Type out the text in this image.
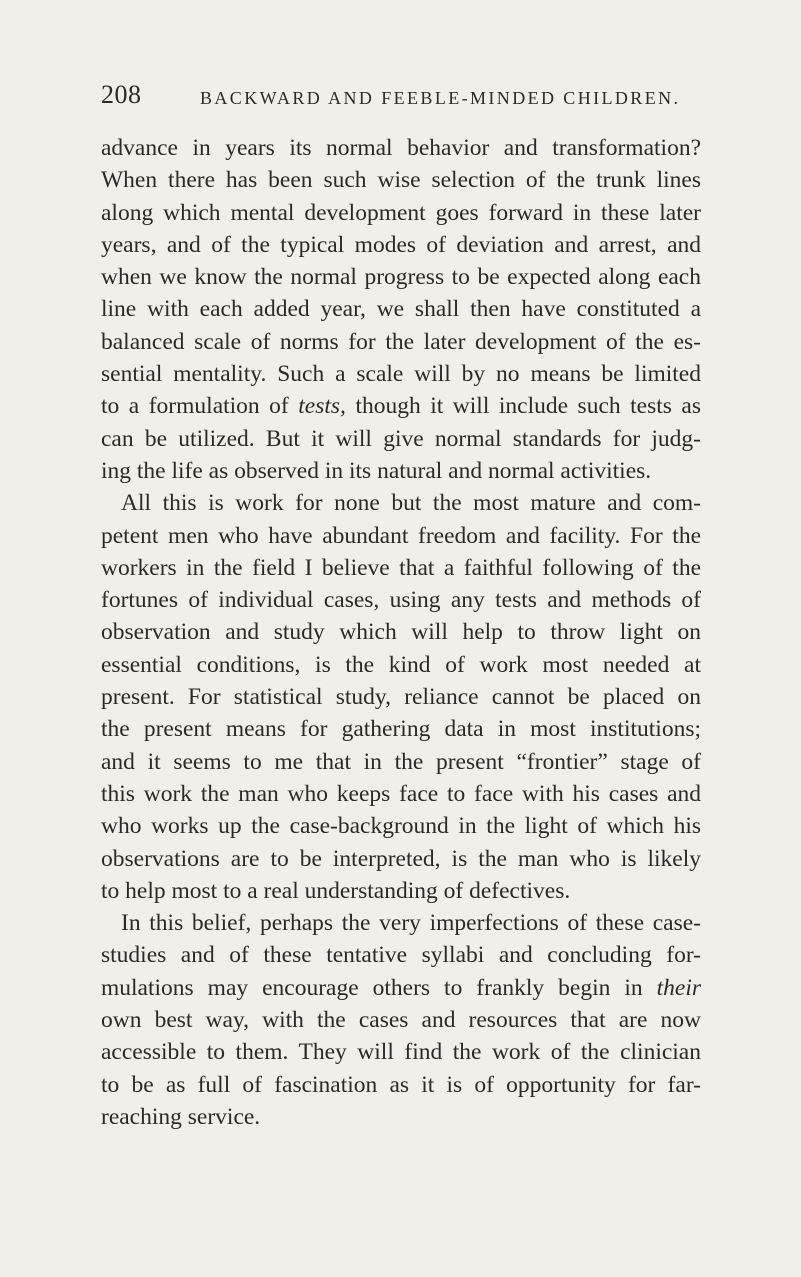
208	BACKWARD AND FEEBLE-MINDED CHILDREN.
advance in years its normal behavior and transformation?
When there has been such wise selection of the trunk lines
along which mental development goes forward in these later
years, and of the typical modes of deviation and arrest, and
when we know the normal progress to be expected along each
line with each added year, we shall then have constituted a
balanced scale of norms for the later development of the es-
sential mentality. Such a scale will by no means be limited
to a formulation of tests, though it will include such tests as
can be utilized. But it will give normal standards for judg-
ing the life as observed in its natural and normal activities.
All this is work for none but the most mature and com-
petent men who have abundant freedom and facility. For the
workers in the field I believe that a faithful following of the
fortunes of individual cases, using any tests and methods of
observation and study which will help to throw light on
essential conditions, is the kind of work most needed at
present. For statistical study, reliance cannot be placed on
the present means for gathering data in most institutions;
and it seems to me that in the present “frontier” stage of
this work the man who keeps face to face with his cases and
who works up the case-background in the light of which his
observations are to be interpreted, is the man who is likely
to help most to a real understanding of defectives.
In this belief, perhaps the very imperfections of these case-
studies and of these tentative syllabi and concluding for-
mulations may encourage others to frankly begin in their
own best way, with the cases and resources that are now
accessible to them. They will find the work of the clinician
to be as full of fascination as it is of opportunity for far-
reaching service.
